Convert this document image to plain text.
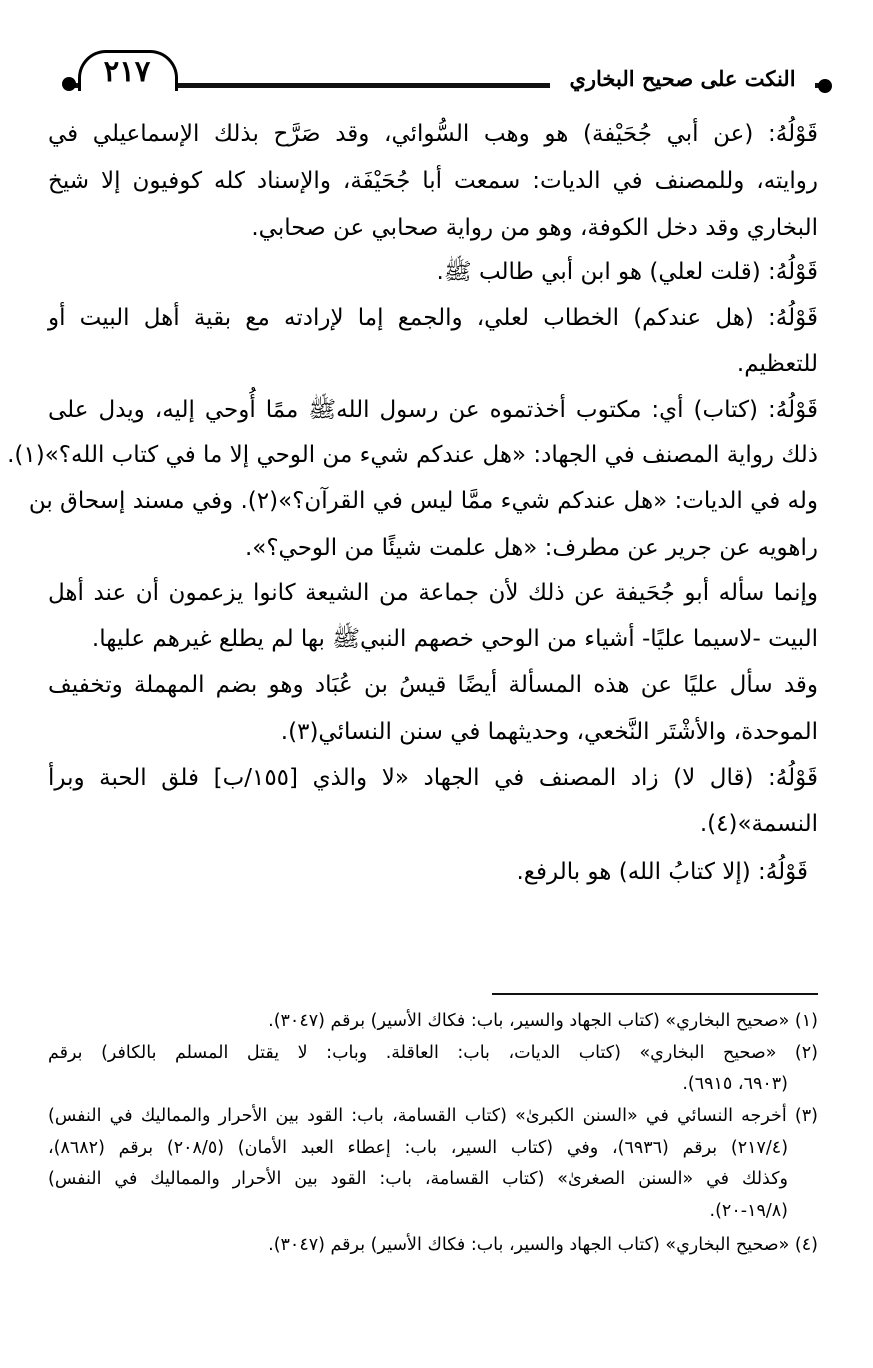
٢١٧	النكت على صحيح البخاري
قَوْلُهُ: (عن أبي جُحَيْفة) هو وهب السُّوائي، وقد صَرَّح بذلك الإسماعيلي في
روايته، وللمصنف في الديات: سمعت أبا جُحَيْفَة، والإسناد كله كوفيون إلا شيخ
البخاري وقد دخل الكوفة، وهو من رواية صحابي عن صحابي.
قَوْلُهُ: (قلت لعلي) هو ابن أبي طالب ﷺ.
قَوْلُهُ: (هل عندكم) الخطاب لعلي، والجمع إما لإرادته مع بقية أهل البيت أو
للتعظيم.
قَوْلُهُ: (كتاب) أي: مكتوب أخذتموه عن رسول اللهﷺ ممًا أُوحي إليه، ويدل على
ذلك رواية المصنف في الجهاد: «هل عندكم شيء من الوحي إلا ما في كتاب الله؟»(١).
وله في الديات: «هل عندكم شيء ممَّا ليس في القرآن؟»(٢). وفي مسند إسحاق بن
راهويه عن جرير عن مطرف: «هل علمت شيئًا من الوحي؟».
وإنما سأله أبو جُحَيفة عن ذلك لأن جماعة من الشيعة كانوا يزعمون أن عند أهل
البيت -لاسيما عليًا- أشياء من الوحي خصهم النبيﷺ بها لم يطلع غيرهم عليها.
وقد سأل عليًا عن هذه المسألة أيضًا قيسُ بن عُبَاد وهو بضم المهملة وتخفيف
الموحدة، والأشْتَر النَّخعي، وحديثهما في سنن النسائي(٣).
قَوْلُهُ: (قال لا) زاد المصنف في الجهاد «لا والذي [١٥٥/ب] فلق الحبة وبرأ
النسمة»(٤).
قَوْلُهُ: (إلا كتابُ الله) هو بالرفع.
(١) «صحيح البخاري» (كتاب الجهاد والسير، باب: فكاك الأسير) برقم (٣٠٤٧).
(٢) «صحيح البخاري» (كتاب الديات، باب: العاقلة. وباب: لا يقتل المسلم بالكافر) برقم
(٦٩٠٣، ٦٩١٥).
(٣) أخرجه النسائي في «السنن الكبرىٰ» (كتاب القسامة، باب: القود بين الأحرار والمماليك في النفس)
(٢١٧/٤) برقم (٦٩٣٦)، وفي (كتاب السير، باب: إعطاء العبد الأمان) (٢٠٨/٥) برقم (٨٦٨٢)،
وكذلك في «السنن الصغرىٰ» (كتاب القسامة، باب: القود بين الأحرار والمماليك في النفس)
(١٩/٨-٢٠).
(٤) «صحيح البخاري» (كتاب الجهاد والسير، باب: فكاك الأسير) برقم (٣٠٤٧).
